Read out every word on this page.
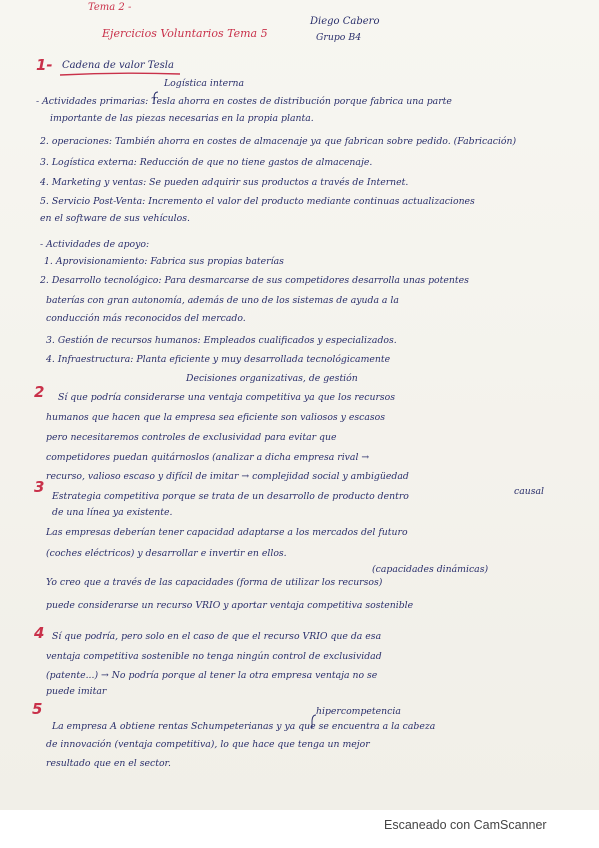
Tema 2 -
Ejercicios Voluntarios Tema 5
Diego Cabero
Grupo B4
1- Cadena de valor Tesla
Logística interna
- Actividades primarias: Tesla ahorra en costes de distribución porque fabrica una parte
importante de las piezas necesarias en la propia planta.
2. operaciones: También ahorra en costes de almacenaje ya que fabrican sobre pedido. (Fabricación)
3. Logística externa: Reducción de que no tiene gastos de almacenaje.
4. Marketing y ventas: Se pueden adquirir sus productos a través de Internet.
5. Servicio Post-Venta: Incremento el valor del producto mediante continuas actualizaciones
en el software de sus vehículos.
- Actividades de apoyo:
1. Aprovisionamiento: Fabrica sus propias baterías
2. Desarrollo tecnológico: Para desmarcarse de sus competidores desarrolla unas potentes
baterías con gran autonomía, además de uno de los sistemas de ayuda a la
conducción más reconocidos del mercado.
3. Gestión de recursos humanos: Empleados cualificados y especializados.
4. Infraestructura: Planta eficiente y muy desarrollada tecnológicamente
Decisiones organizativas, de gestión
2 Sí que podría considerarse una ventaja competitiva ya que los recursos
humanos que hacen que la empresa sea eficiente son valiosos y escasos
pero necesitaremos controles de exclusividad para evitar que
competidores puedan quitárnoslos (analizar a dicha empresa rival →
recurso, valioso escaso y difícil de imitar → complejidad social y ambigüedad
causal
3
Estrategia competitiva porque se trata de un desarrollo de producto dentro
de una línea ya existente.
Las empresas deberían tener capacidad adaptarse a los mercados del futuro
(coches eléctricos) y desarrollar e invertir en ellos.
(capacidades dinámicas)
Yo creo que a través de las capacidades (forma de utilizar los recursos)
puede considerarse un recurso VRIO y aportar ventaja competitiva sostenible
4 Sí que podría, pero solo en el caso de que el recurso VRIO que da esa
ventaja competitiva sostenible no tenga ningún control de exclusividad
(patente...) → No podría porque al tener la otra empresa ventaja no se
puede imitar
5	hipercompetencia
La empresa A obtiene rentas Schumpeterianas y ya que se encuentra a la cabeza
de innovación (ventaja competitiva), lo que hace que tenga un mejor
resultado que en el sector.
Escaneado con CamScanner
